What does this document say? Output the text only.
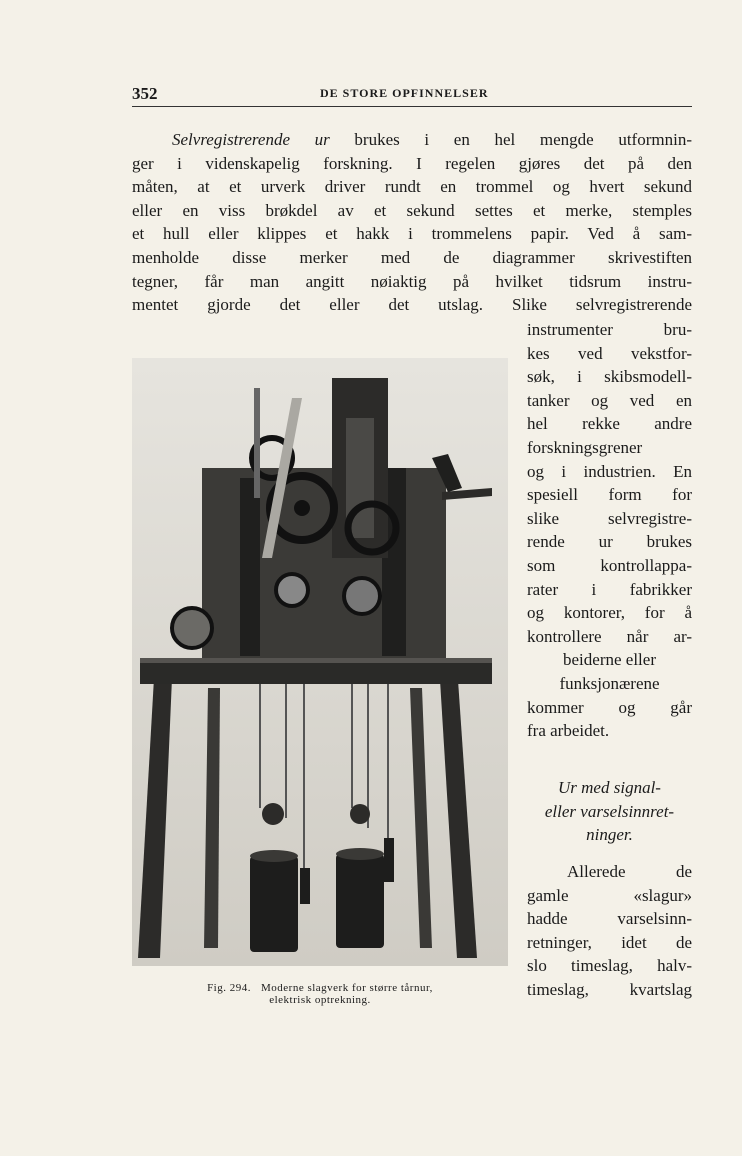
352	DE STORE OPFINNELSER
Selvregistrerende ur brukes i en hel mengde utformnin-
ger i videnskapelig forskning. I regelen gjøres det på den
måten, at et urverk driver rundt en trommel og hvert sekund
eller en viss brøkdel av et sekund settes et merke, stemples
et hull eller klippes et hakk i trommelens papir. Ved å sam-
menholde disse merker med de diagrammer skrivestiften
tegner, får man angitt nøiaktig på hvilket tidsrum instru-
mentet gjorde det eller det utslag. Slike selvregistrerende
instrumenter bru-
kes ved vekstfor-
søk, i skibsmodell-
tanker og ved en
hel rekke andre
forskningsgrener
og i industrien. En
spesiell form for
slike selvregistre-
rende ur brukes
som kontrollappa-
rater i fabrikker
og kontorer, for å
kontrollere når ar-
beiderne eller
funksjonærene
kommer og går
fra arbeidet.
Ur med signal-
eller varselsinnret-
ninger.
Allerede de
gamle «slagur»
hadde varselsinn-
retninger, idet de
slo timeslag, halv-
timeslag, kvartslag
Fig. 294. Moderne slagverk for større tårnur,
elektrisk optrekning.
